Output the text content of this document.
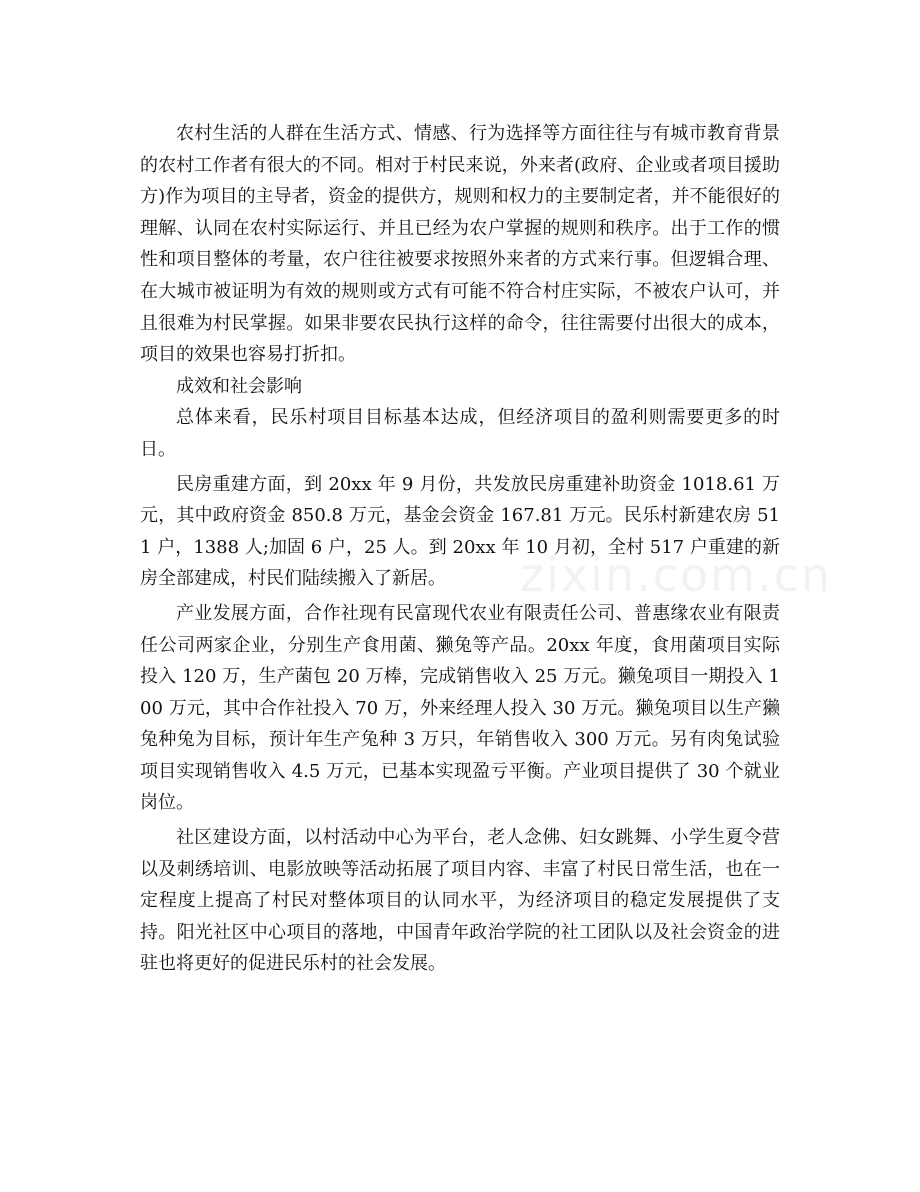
农村生活的人群在生活方式、情感、行为选择等方面往往与有城市教育背景的农村工作者有很大的不同。相对于村民来说，外来者(政府、企业或者项目援助方)作为项目的主导者，资金的提供方，规则和权力的主要制定者，并不能很好的理解、认同在农村实际运行、并且已经为农户掌握的规则和秩序。出于工作的惯性和项目整体的考量，农户往往被要求按照外来者的方式来行事。但逻辑合理、在大城市被证明为有效的规则或方式有可能不符合村庄实际，不被农户认可，并且很难为村民掌握。如果非要农民执行这样的命令，往往需要付出很大的成本，项目的效果也容易打折扣。

成效和社会影响

总体来看，民乐村项目目标基本达成，但经济项目的盈利则需要更多的时日。

民房重建方面，到 20xx 年 9 月份，共发放民房重建补助资金 1018.61 万元，其中政府资金 850.8 万元，基金会资金 167.81 万元。民乐村新建农房 511 户，1388 人;加固 6 户，25 人。到 20xx 年 10 月初，全村 517 户重建的新房全部建成，村民们陆续搬入了新居。

产业发展方面，合作社现有民富现代农业有限责任公司、普惠缘农业有限责任公司两家企业，分别生产食用菌、獭兔等产品。20xx 年度，食用菌项目实际投入 120 万，生产菌包 20 万棒，完成销售收入 25 万元。獭兔项目一期投入 100 万元，其中合作社投入 70 万，外来经理人投入 30 万元。獭兔项目以生产獭兔种兔为目标，预计年生产兔种 3 万只，年销售收入 300 万元。另有肉兔试验项目实现销售收入 4.5 万元，已基本实现盈亏平衡。产业项目提供了 30 个就业岗位。

社区建设方面，以村活动中心为平台，老人念佛、妇女跳舞、小学生夏令营以及刺绣培训、电影放映等活动拓展了项目内容、丰富了村民日常生活，也在一定程度上提高了村民对整体项目的认同水平，为经济项目的稳定发展提供了支持。阳光社区中心项目的落地，中国青年政治学院的社工团队以及社会资金的进驻也将更好的促进民乐村的社会发展。

zixin.com.cn
